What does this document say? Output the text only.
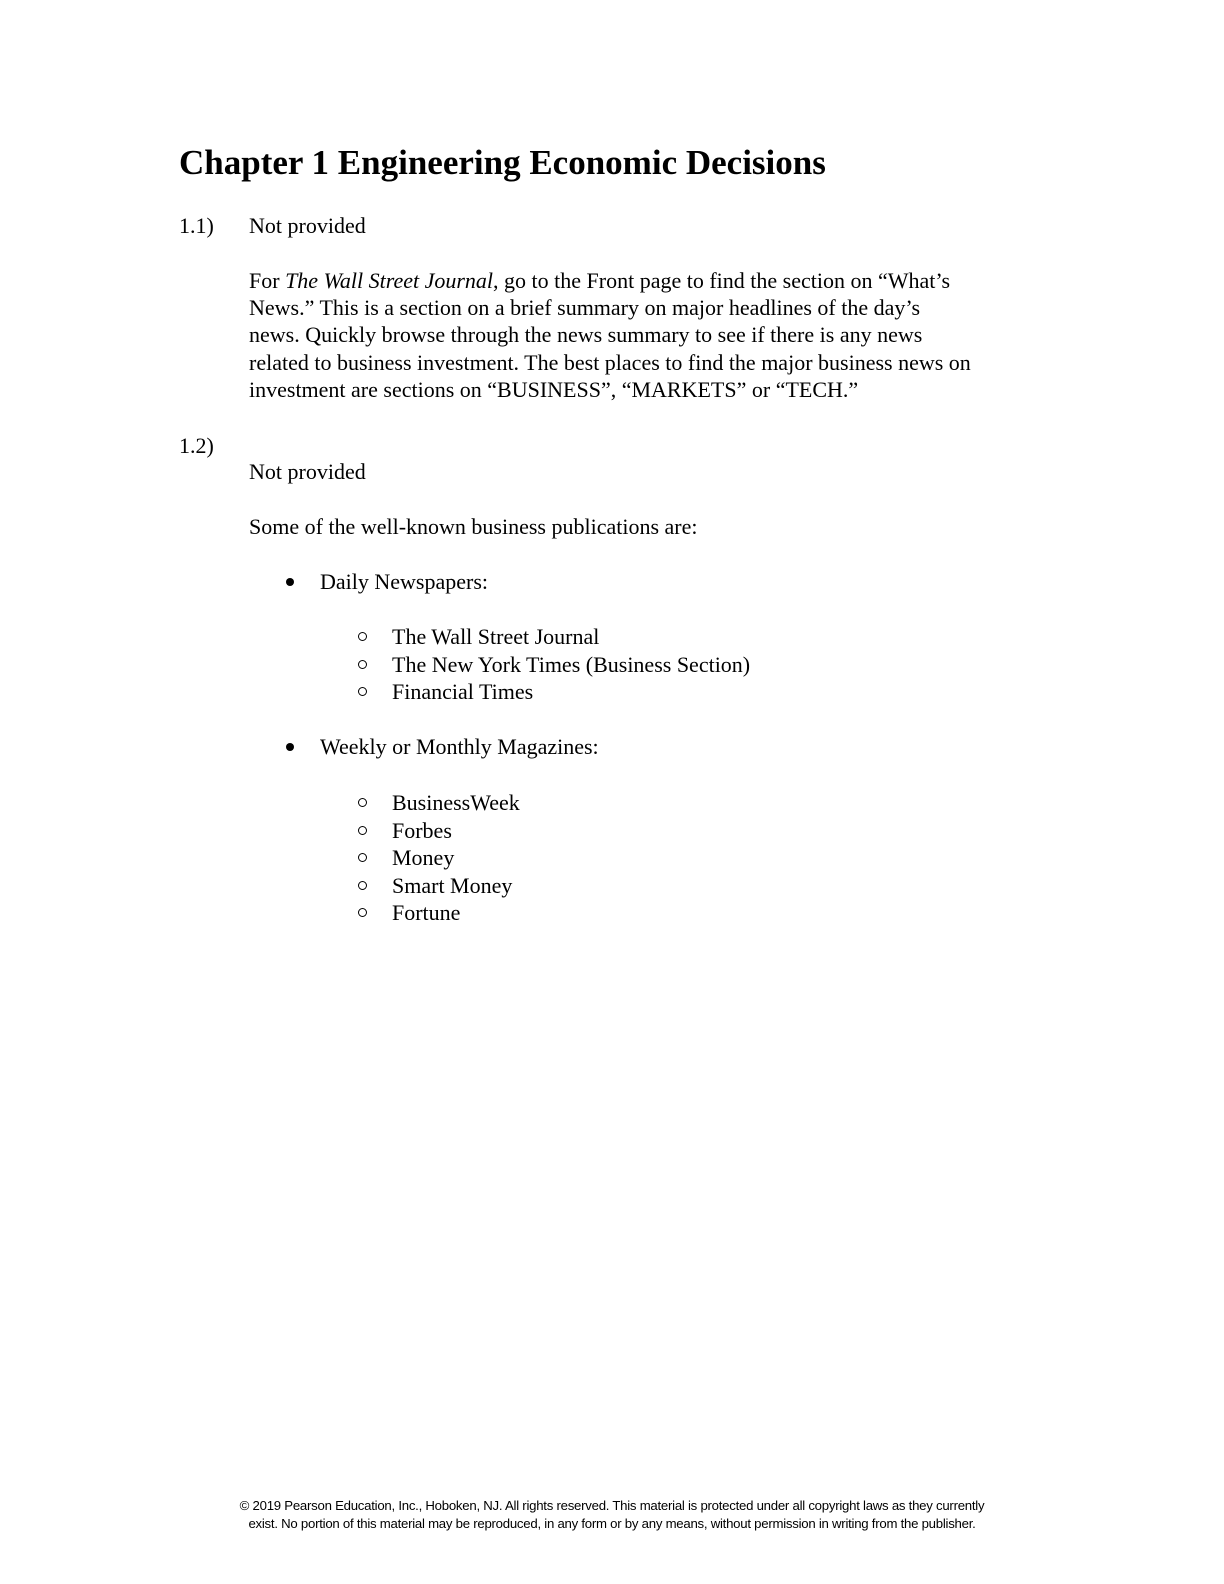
Chapter 1 Engineering Economic Decisions
1.1) Not provided
For The Wall Street Journal, go to the Front page to find the section on “What’s
News.” This is a section on a brief summary on major headlines of the day’s
news. Quickly browse through the news summary to see if there is any news
related to business investment. The best places to find the major business news on
investment are sections on “BUSINESS”, “MARKETS” or “TECH.”
1.2)
Not provided
Some of the well-known business publications are:
Daily Newspapers:
The Wall Street Journal
The New York Times (Business Section)
Financial Times
Weekly or Monthly Magazines:
BusinessWeek
Forbes
Money
Smart Money
Fortune
© 2019 Pearson Education, Inc., Hoboken, NJ. All rights reserved. This material is protected under all copyright laws as they currently
exist. No portion of this material may be reproduced, in any form or by any means, without permission in writing from the publisher.
